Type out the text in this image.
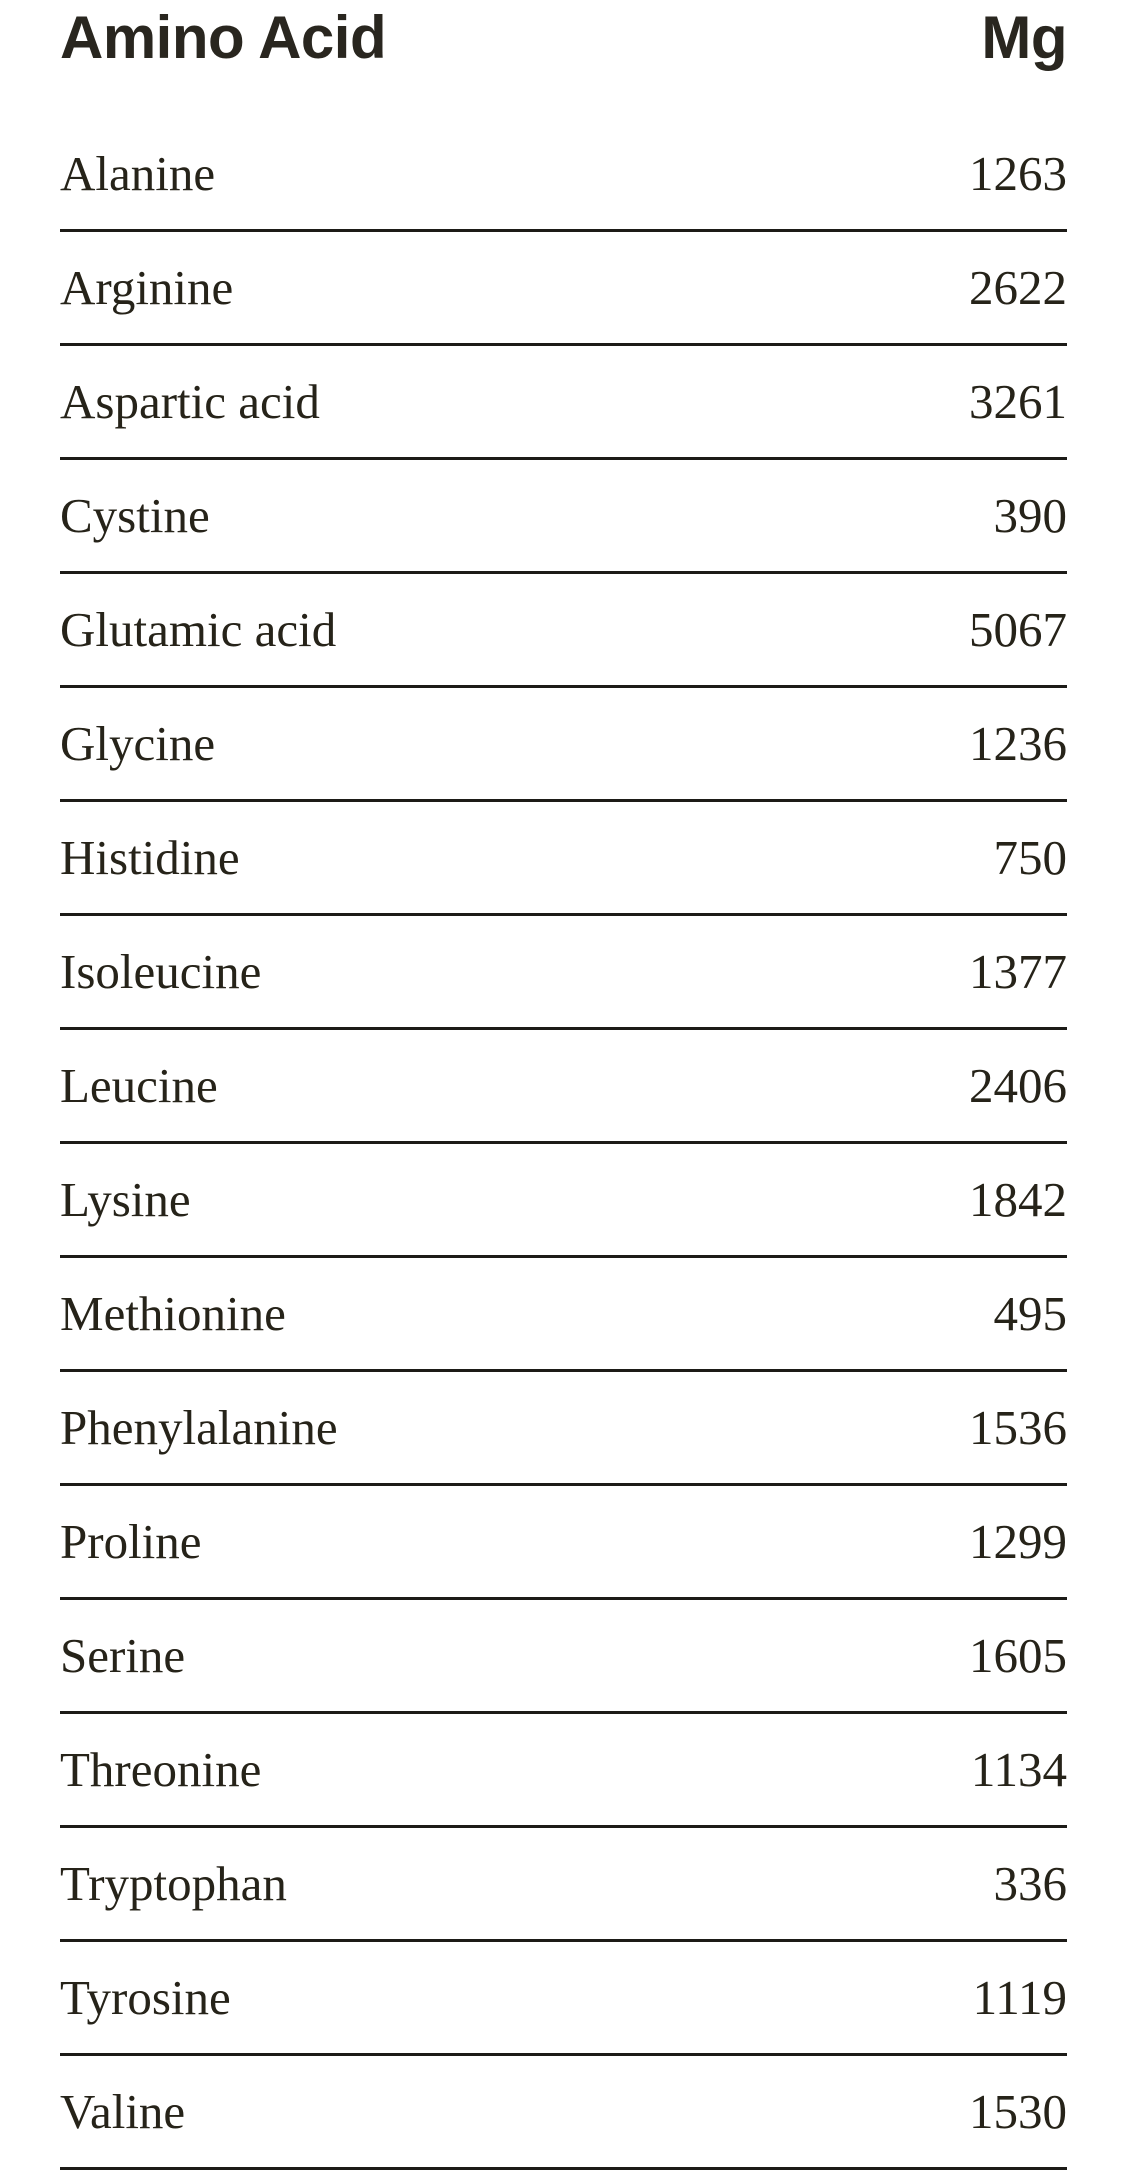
Amino Acid	Mg
Alanine	1263
Arginine	2622
Aspartic acid	3261
Cystine	390
Glutamic acid	5067
Glycine	1236
Histidine	750
Isoleucine	1377
Leucine	2406
Lysine	1842
Methionine	495
Phenylalanine	1536
Proline	1299
Serine	1605
Threonine	1134
Tryptophan	336
Tyrosine	1119
Valine	1530
